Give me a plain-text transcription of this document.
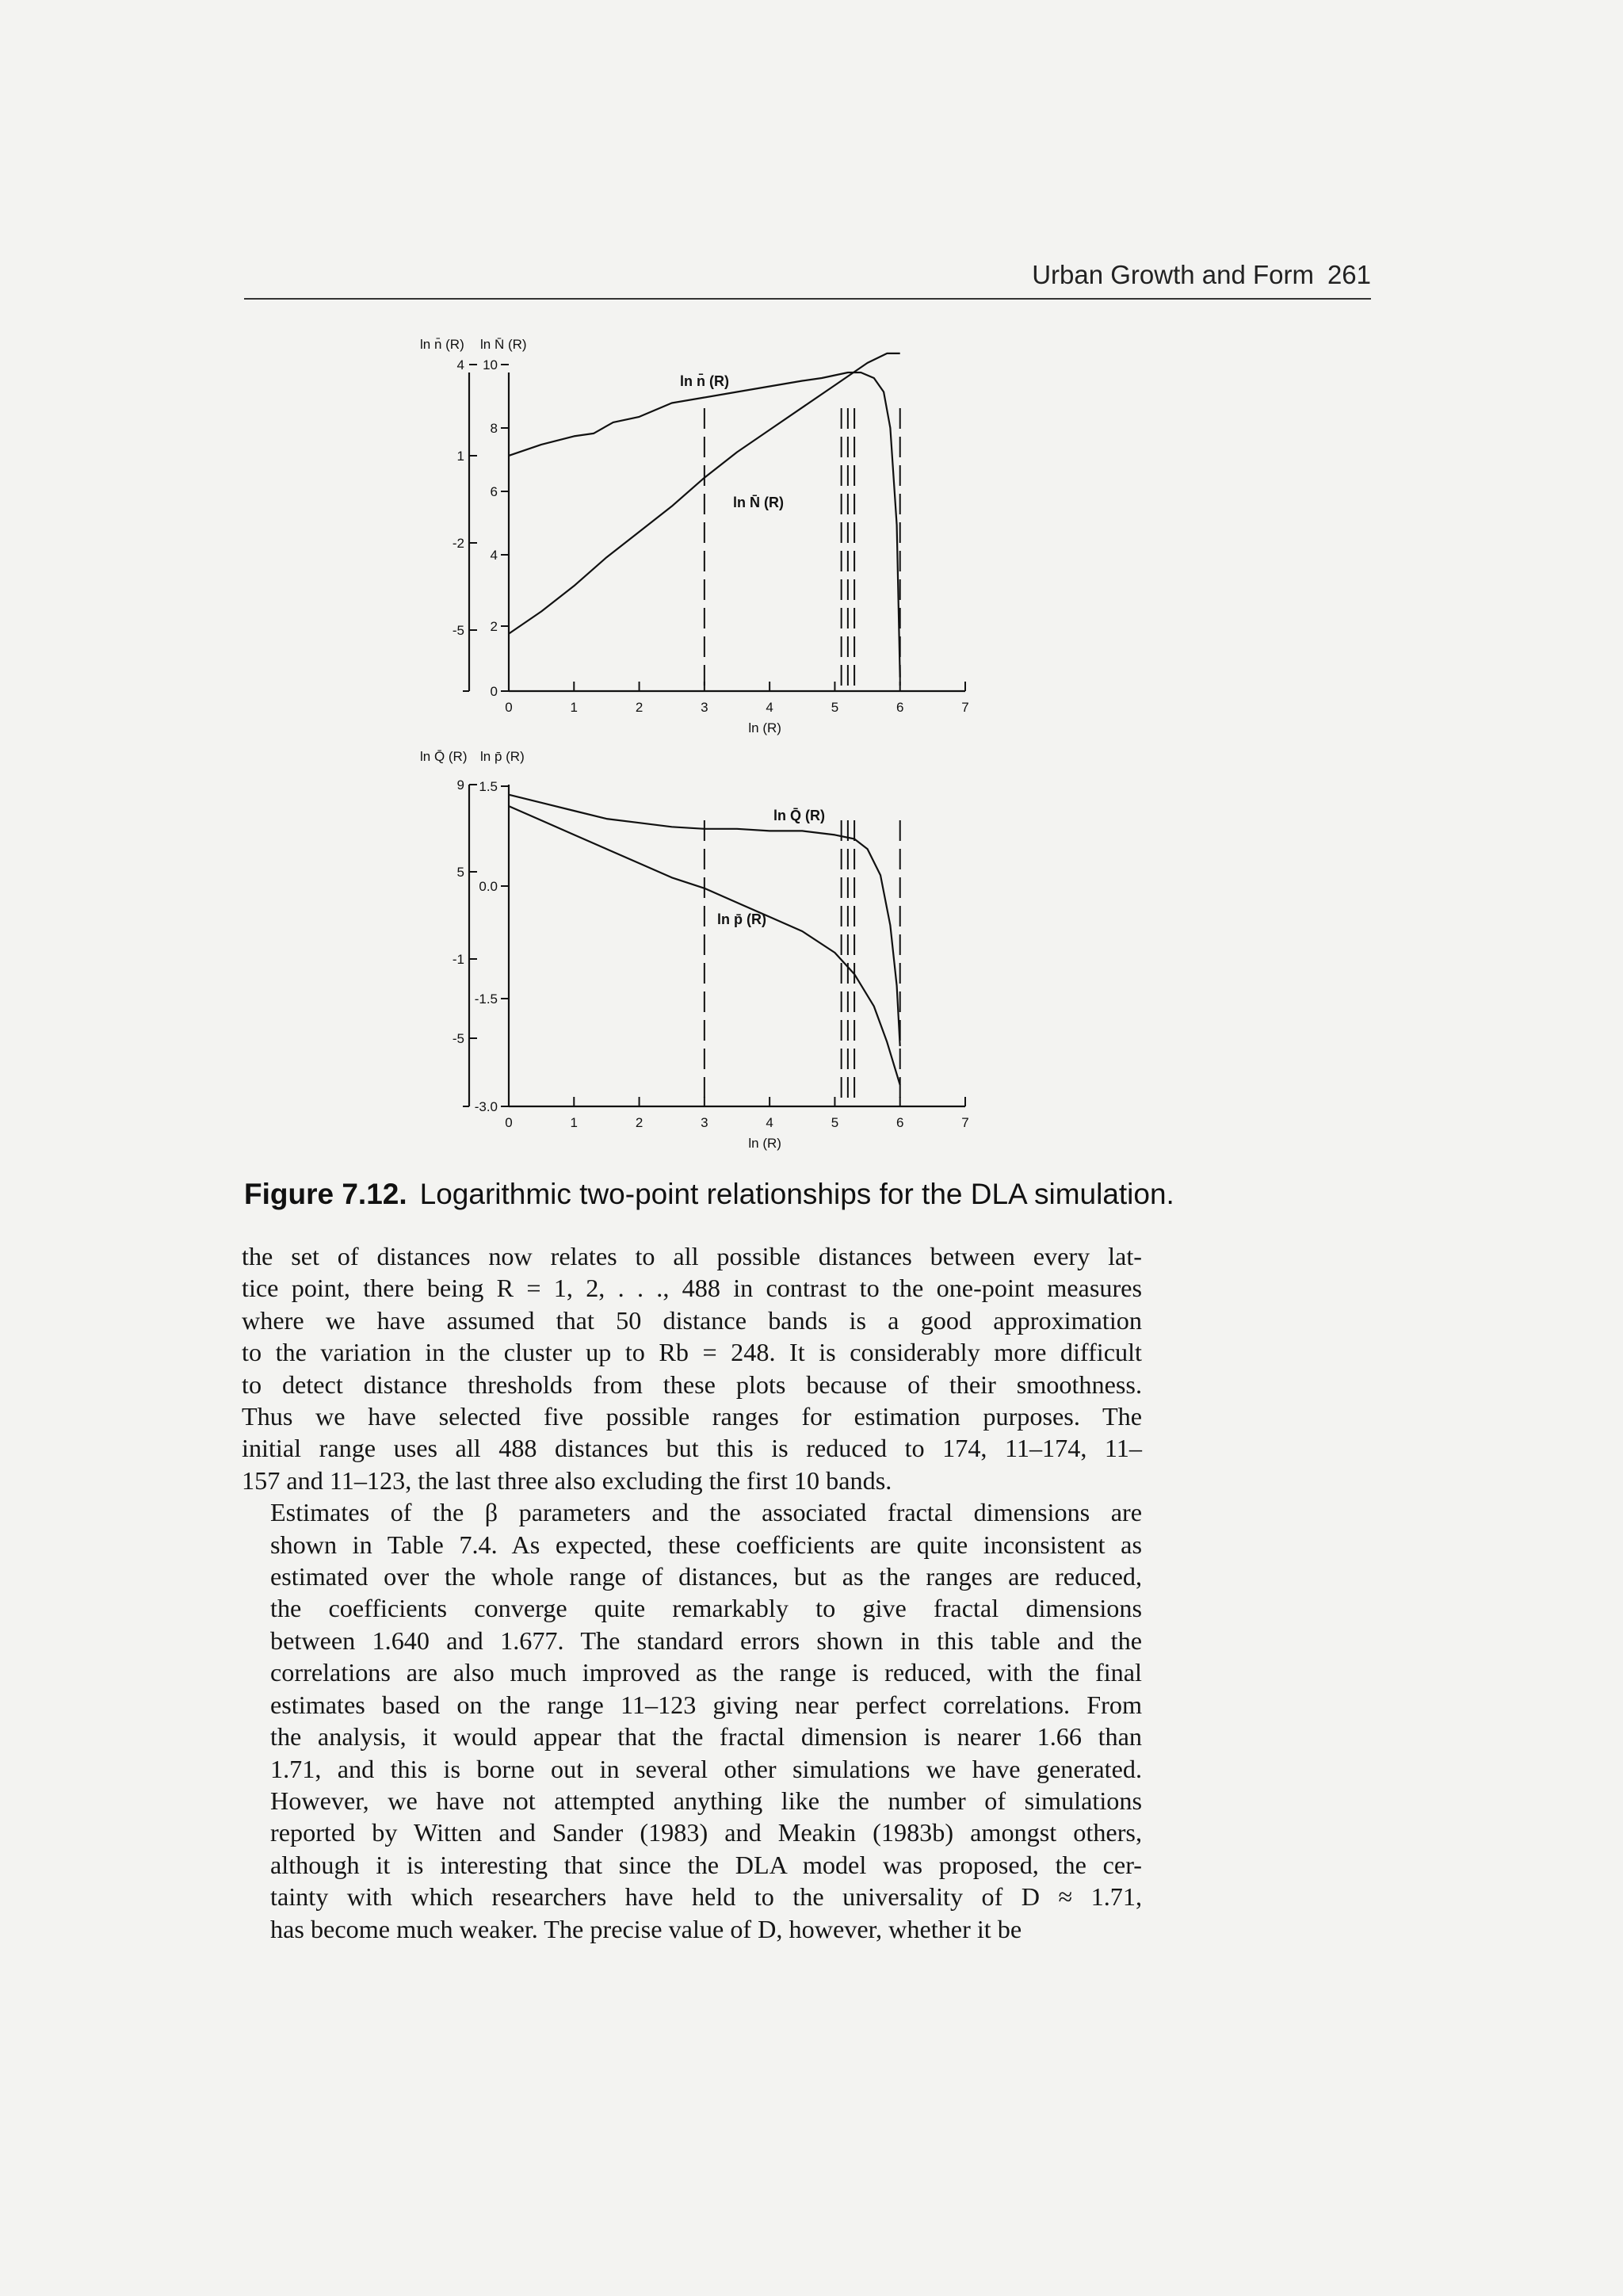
Urban Growth and Form 261
0	1	2	3	4	5	6	7
ln (R)
4
1
-2
-5
10
8
6
4
2
0
ln n̄ (R) ln N̄ (R)
ln n̄ (R)
ln N̄ (R)
0	1	2	3	4	5	6	7
ln (R)
9
5
-1
-5
1.5
0.0
-1.5
-3.0
ln Q̄ (R) ln p̄ (R)
ln Q̄ (R)
ln p̄ (R)
Figure 7.12. Logarithmic two-point relationships for the DLA simulation.

the set of distances now relates to all possible distances between every lat-
tice point, there being R = 1, 2, . . ., 488 in contrast to the one-point measures
where we have assumed that 50 distance bands is a good approximation
to the variation in the cluster up to Rb = 248. It is considerably more difficult
to detect distance thresholds from these plots because of their smoothness.
Thus we have selected five possible ranges for estimation purposes. The
initial range uses all 488 distances but this is reduced to 174, 11–174, 11–
157 and 11–123, the last three also excluding the first 10 bands.

Estimates of the β parameters and the associated fractal dimensions are
shown in Table 7.4. As expected, these coefficients are quite inconsistent as
estimated over the whole range of distances, but as the ranges are reduced,
the coefficients converge quite remarkably to give fractal dimensions
between 1.640 and 1.677. The standard errors shown in this table and the
correlations are also much improved as the range is reduced, with the final
estimates based on the range 11–123 giving near perfect correlations. From
the analysis, it would appear that the fractal dimension is nearer 1.66 than
1.71, and this is borne out in several other simulations we have generated.
However, we have not attempted anything like the number of simulations
reported by Witten and Sander (1983) and Meakin (1983b) amongst others,
although it is interesting that since the DLA model was proposed, the cer-
tainty with which researchers have held to the universality of D ≈ 1.71,
has become much weaker. The precise value of D, however, whether it be
